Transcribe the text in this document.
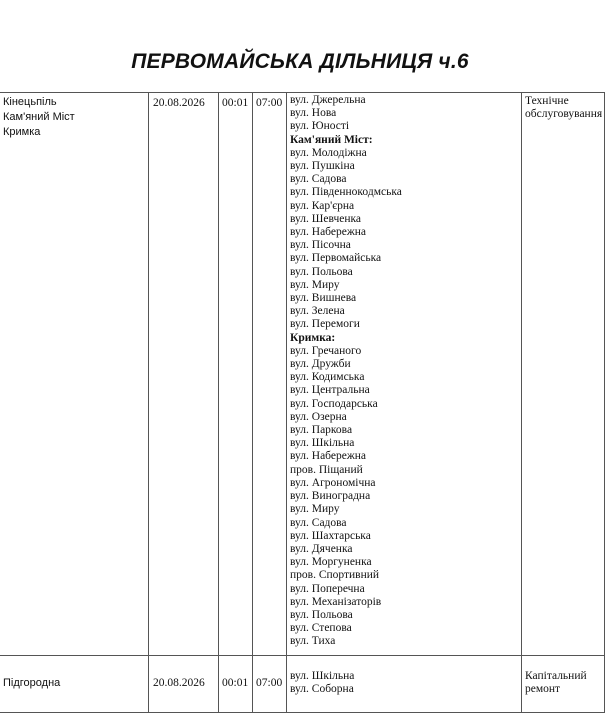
ПЕРВОМАЙСЬКА ДІЛЬНИЦЯ ч.6
Кінецьпіль
Кам'яний Міст
Кримка
20.08.2026 00:01 07:00 вул. Джерельна
вул. Нова
вул. Юності
Кам'яний Міст:
вул. Молодіжна
вул. Пушкіна
вул. Садова
вул. Південнокодмська
вул. Кар'єрна
вул. Шевченка
вул. Набережна
вул. Пісочна
вул. Первомайська
вул. Польова
вул. Миру
вул. Вишнева
вул. Зелена
вул. Перемоги
Кримка:
вул. Гречаного
вул. Дружби
вул. Кодимська
вул. Центральна
вул. Господарська
вул. Озерна
вул. Паркова
вул. Шкільна
вул. Набережна
пров. Піщаний
вул. Агрономічна
вул. Виноградна
вул. Миру
вул. Садова
вул. Шахтарська
вул. Дяченка
вул. Моргуненка
пров. Спортивний
вул. Поперечна
вул. Механізаторів
вул. Польова
вул. Степова
вул. Тиха
Технічне обслуговування
Підгородна	20.08.2026 00:01 07:00
вул. Шкільна
вул. Соборна
Капітальний ремонт
